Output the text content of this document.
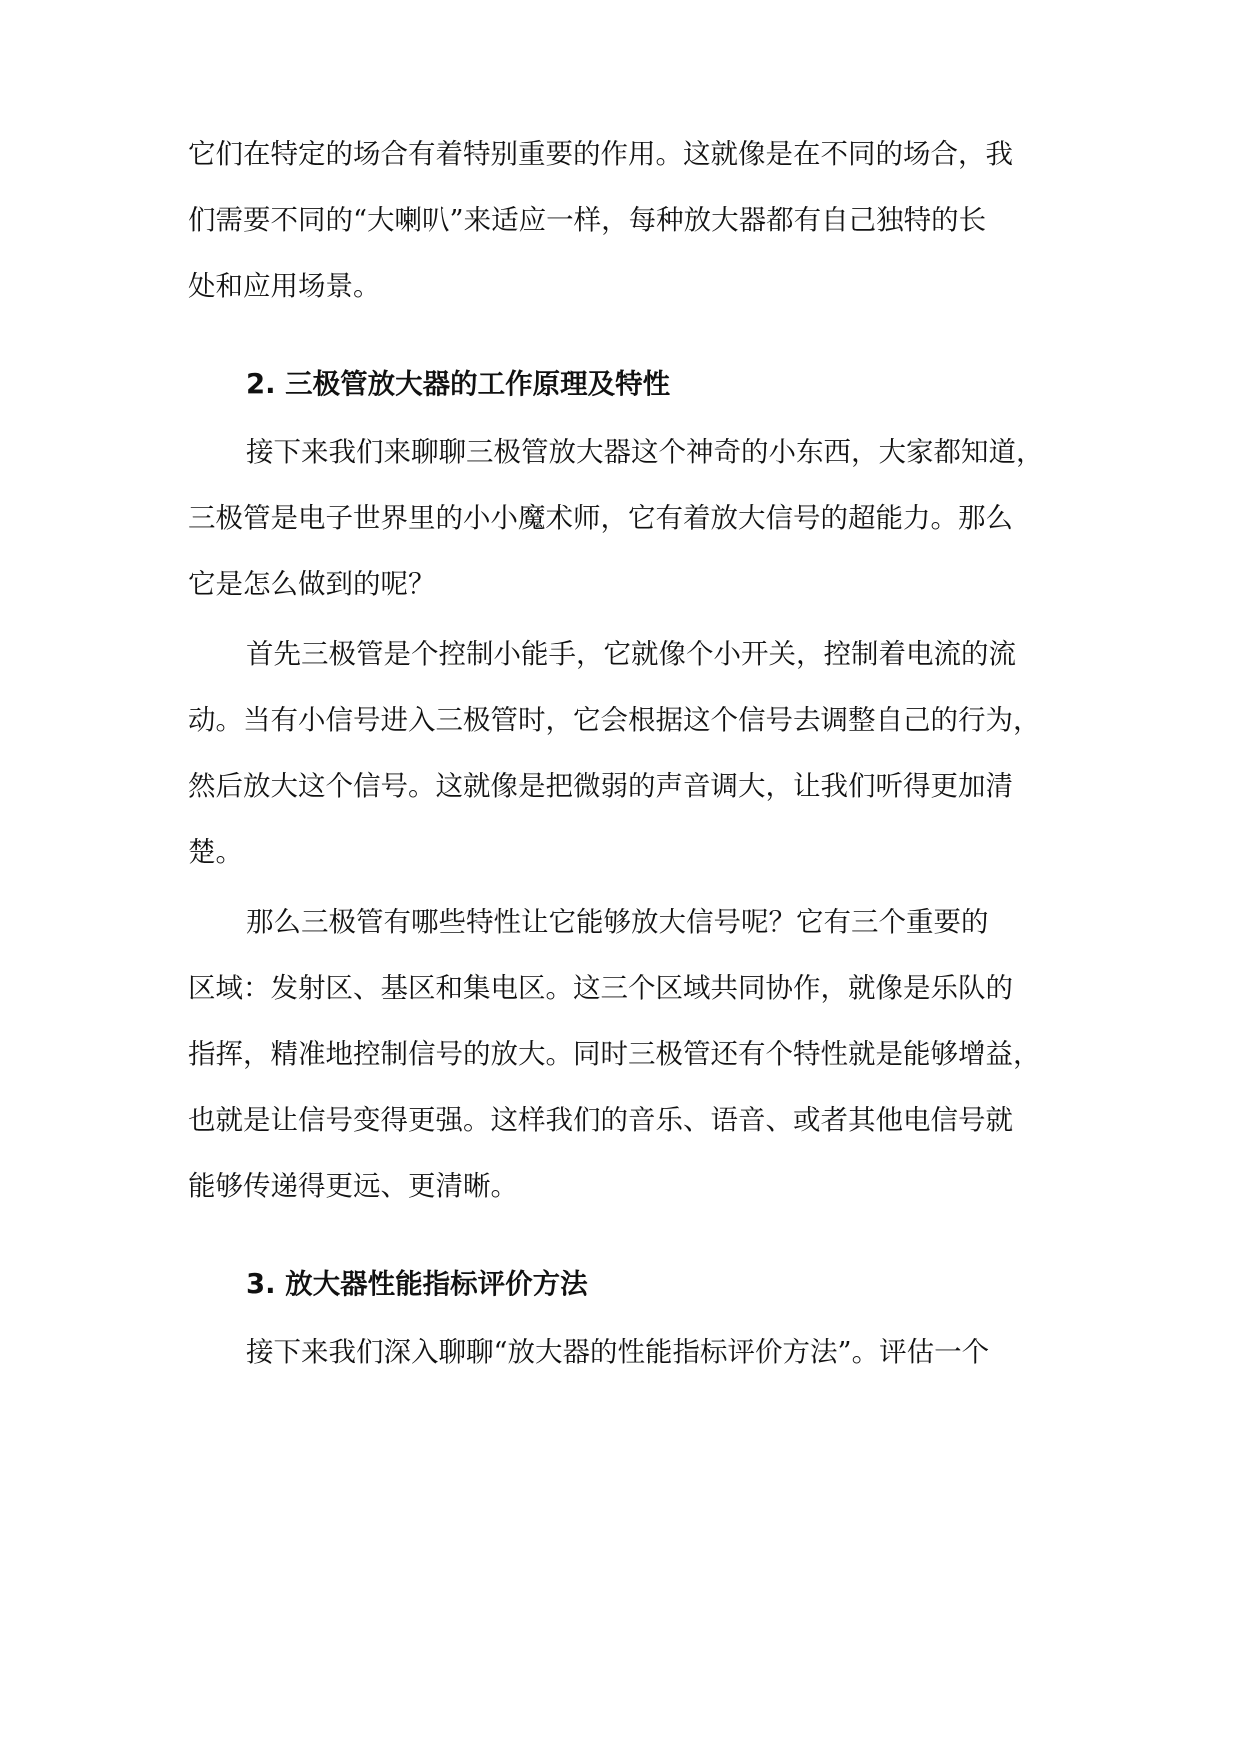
它们在特定的场合有着特别重要的作用。这就像是在不同的场合，我
们需要不同的“大喇叭”来适应一样，每种放大器都有自己独特的长
处和应用场景。
2. 三极管放大器的工作原理及特性
接下来我们来聊聊三极管放大器这个神奇的小东西，大家都知道，
三极管是电子世界里的小小魔术师，它有着放大信号的超能力。那么
它是怎么做到的呢？
首先三极管是个控制小能手，它就像个小开关，控制着电流的流
动。当有小信号进入三极管时，它会根据这个信号去调整自己的行为，
然后放大这个信号。这就像是把微弱的声音调大，让我们听得更加清
楚。
那么三极管有哪些特性让它能够放大信号呢？它有三个重要的
区域：发射区、基区和集电区。这三个区域共同协作，就像是乐队的
指挥，精准地控制信号的放大。同时三极管还有个特性就是能够增益，
也就是让信号变得更强。这样我们的音乐、语音、或者其他电信号就
能够传递得更远、更清晰。
3. 放大器性能指标评价方法
接下来我们深入聊聊“放大器的性能指标评价方法”。评估一个
